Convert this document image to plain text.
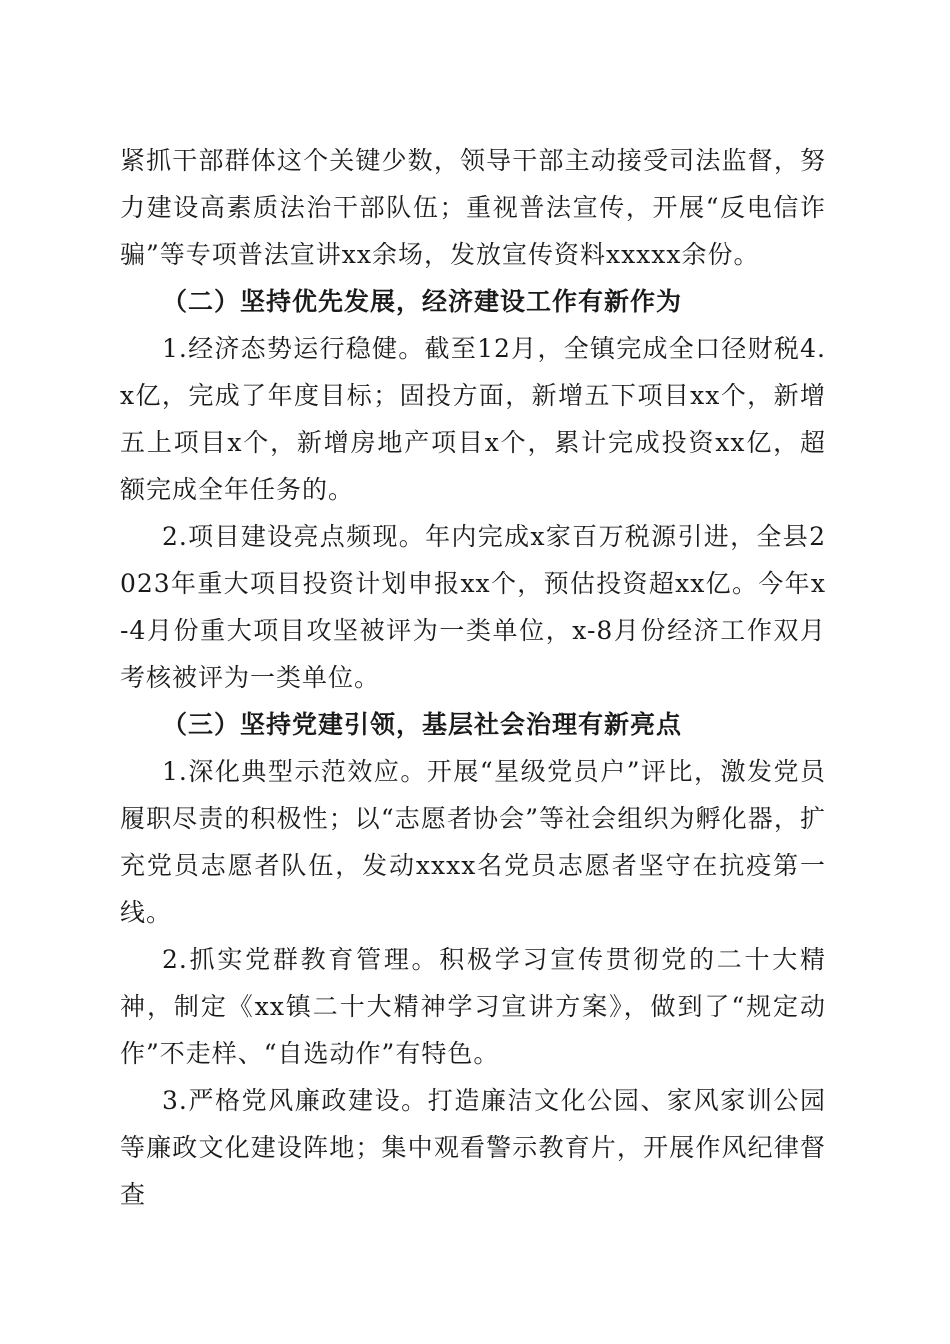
紧抓干部群体这个关键少数，领导干部主动接受司法监督，努力建设高素质法治干部队伍；重视普法宣传，开展“反电信诈骗”等专项普法宣讲xx余场，发放宣传资料xxxxx余份。

（二）坚持优先发展，经济建设工作有新作为

1.经济态势运行稳健。截至12月，全镇完成全口径财税4.x亿，完成了年度目标；固投方面，新增五下项目xx个，新增五上项目x个，新增房地产项目x个，累计完成投资xx亿，超额完成全年任务的。

2.项目建设亮点频现。年内完成x家百万税源引进，全县2023年重大项目投资计划申报xx个，预估投资超xx亿。今年x-4月份重大项目攻坚被评为一类单位，x-8月份经济工作双月考核被评为一类单位。

（三）坚持党建引领，基层社会治理有新亮点

1.深化典型示范效应。开展“星级党员户”评比，激发党员履职尽责的积极性；以“志愿者协会”等社会组织为孵化器，扩充党员志愿者队伍，发动xxxx名党员志愿者坚守在抗疫第一线。

2.抓实党群教育管理。积极学习宣传贯彻党的二十大精神，制定《xx镇二十大精神学习宣讲方案》，做到了“规定动作”不走样、“自选动作”有特色。

3.严格党风廉政建设。打造廉洁文化公园、家风家训公园等廉政文化建设阵地；集中观看警示教育片，开展作风纪律督查
